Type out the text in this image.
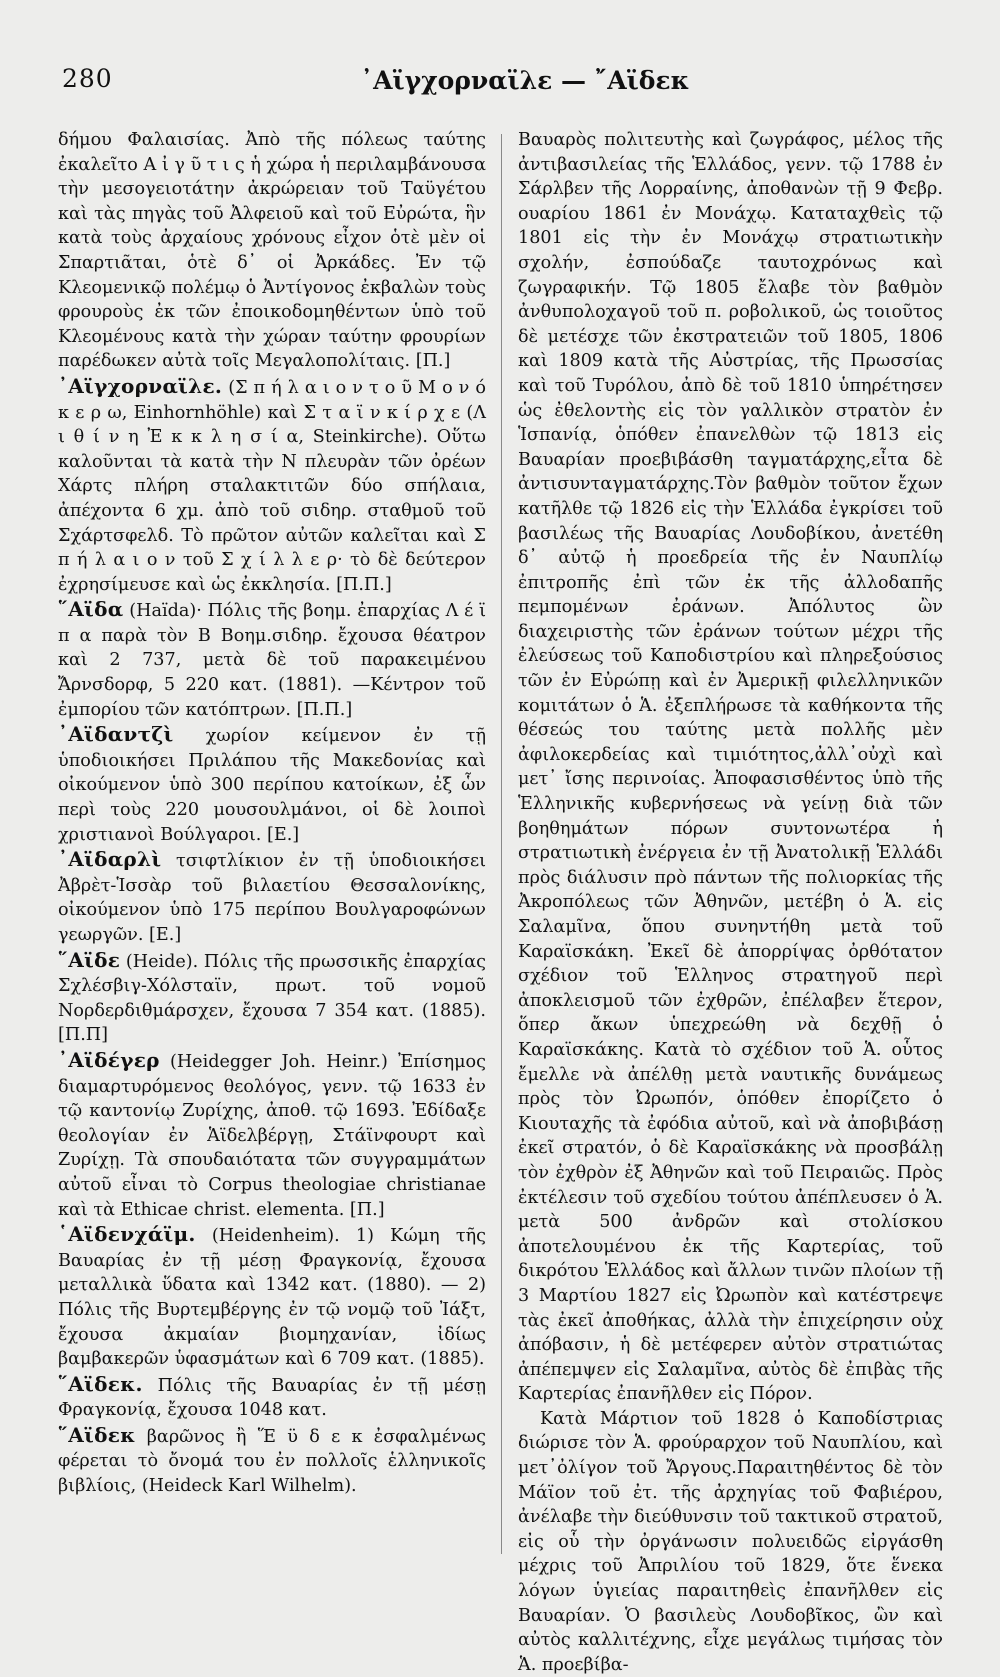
280	᾽Αϊγχορναϊλε — ῎Αϊδεκ

δήμου Φαλαισίας. Ἀπὸ τῆς πόλεως ταύτης ἐκαλεῖτο Α ἰ γ ῦ τ ι ς ἡ χώρα ἡ περιλαμβάνουσα τὴν μεσογειοτάτην ἀκρώρειαν τοῦ Ταϋγέτου καὶ τὰς πηγὰς τοῦ Ἀλφειοῦ καὶ τοῦ Εὐρώτα, ἣν κατὰ τοὺς ἀρχαίους χρόνους εἶχον ὁτὲ μὲν οἱ Σπαρτιᾶται, ὁτὲ δ᾽ οἱ Ἀρκάδες. Ἐν τῷ Κλεομενικῷ πολέμῳ ὁ Ἀντίγονος ἐκβαλὼν τοὺς φρουροὺς ἐκ τῶν ἐποικοδομηθέντων ὑπὸ τοῦ Κλεομένους κατὰ τὴν χώραν ταύτην φρουρίων παρέδωκεν αὐτὰ τοῖς Μεγαλοπολίταις. [Π.]

᾽Αϊγχορναϊλε. (Σ π ή λ α ι ο ν τ ο ῦ Μ ο ν ό κ ε ρ ω, Einhornhöhle) καὶ Σ τ α ϊ ν κ ί ρ χ ε (Λ ι θ ί ν η Ἐ κ κ λ η σ ί α, Steinkirche). Οὕτω καλοῦνται τὰ κατὰ τὴν Ν πλευρὰν τῶν ὀρέων Χάρτς πλήρη σταλακτιτῶν δύο σπήλαια, ἀπέχοντα 6 χμ. ἀπὸ τοῦ σιδηρ. σταθμοῦ τοῦ Σχάρτσφελδ. Τὸ πρῶτον αὐτῶν καλεῖται καὶ Σ π ή λ α ι ο ν τοῦ Σ χ ί λ λ ε ρ· τὸ δὲ δεύτερον ἐχρησίμευσε καὶ ὡς ἐκκλησία. [Π.Π.]

῞Αϊδα (Haïda)· Πόλις τῆς βοημ. ἐπαρχίας Λ έ ϊ π α παρὰ τὸν Β Βοημ.σιδηρ. ἔχουσα θέατρον καὶ 2 737, μετὰ δὲ τοῦ παρακειμένου Ἄρνσδορφ, 5 220 κατ. (1881). —Κέντρον τοῦ ἐμπορίου τῶν κατόπτρων. [Π.Π.]

᾽Αϊδαντζὶ χωρίον κείμενον ἐν τῇ ὑποδιοικήσει Πριλάπου τῆς Μακεδονίας καὶ οἰκούμενον ὑπὸ 300 περίπου κατοίκων, ἐξ ὧν περὶ τοὺς 220 μουσουλμάνοι, οἱ δὲ λοιποὶ χριστιανοὶ Βούλγαροι. [Ε.]

᾽Αϊδαρλὶ τσιφτλίκιον ἐν τῇ ὑποδιοικήσει Ἀβρὲτ-Ἱσσὰρ τοῦ βιλαετίου Θεσσαλονίκης, οἰκούμενον ὑπὸ 175 περίπου Βουλγαροφώνων γεωργῶν. [Ε.]

῞Αϊδε (Heide). Πόλις τῆς πρωσσικῆς ἐπαρχίας Σχλέσβιγ-Χόλσταϊν, πρωτ. τοῦ νομοῦ Νορδερδιθμάρσχεν, ἔχουσα 7 354 κατ. (1885). [Π.Π]

᾽Αϊδέγερ (Heidegger Joh. Heinr.) Ἐπίσημος διαμαρτυρόμενος θεολόγος, γενν. τῷ 1633 ἐν τῷ καντονίῳ Ζυρίχης, ἀποθ. τῷ 1693. Ἐδίδαξε θεολογίαν ἐν Ἁϊδελβέργῃ, Στάϊνφουρτ καὶ Ζυρίχῃ. Τὰ σπουδαιότατα τῶν συγγραμμάτων αὐτοῦ εἶναι τὸ Corpus theologiae christianae καὶ τὰ Ethicae christ. elementa. [Π.]

῾Αϊδενχάϊμ. (Heidenheim). 1) Κώμη τῆς Βαυαρίας ἐν τῇ μέσῃ Φραγκονίᾳ, ἔχουσα μεταλλικὰ ὕδατα καὶ 1342 κατ. (1880). — 2) Πόλις τῆς Βυρτεμβέργης ἐν τῷ νομῷ τοῦ Ἰάξτ, ἔχουσα ἀκμαίαν βιομηχανίαν, ἰδίως βαμβακερῶν ὑφασμάτων καὶ 6 709 κατ. (1885).

῞Αϊδεκ. Πόλις τῆς Βαυαρίας ἐν τῇ μέσῃ Φραγκονίᾳ, ἔχουσα 1048 κατ.

῞Αϊδεκ βαρῶνος ἢ Ἕ ϋ δ ε κ ἐσφαλμένως φέρεται τὸ ὄνομά του ἐν πολλοῖς ἑλληνικοῖς βιβλίοις, (Heideck Karl Wilhelm).

Βαυαρὸς πολιτευτὴς καὶ ζωγράφος, μέλος τῆς ἀντιβασιλείας τῆς Ἑλλάδος, γενν. τῷ 1788 ἐν Σάρλβεν τῆς Λορραίνης, ἀποθανὼν τῇ 9 Φεβρ. ουαρίου 1861 ἐν Μονάχῳ. Καταταχθεὶς τῷ 1801 εἰς τὴν ἐν Μονάχῳ στρατιωτικὴν σχολήν, ἐσπούδαζε ταυτοχρόνως καὶ ζωγραφικήν. Τῷ 1805 ἔλαβε τὸν βαθμὸν ἀνθυπολοχαγοῦ τοῦ π. ροβολικοῦ, ὡς τοιοῦτος δὲ μετέσχε τῶν ἐκστρατειῶν τοῦ 1805, 1806 καὶ 1809 κατὰ τῆς Αὐστρίας, τῆς Πρωσσίας καὶ τοῦ Τυρόλου, ἀπὸ δὲ τοῦ 1810 ὑπηρέτησεν ὡς ἐθελοντὴς εἰς τὸν γαλλικὸν στρατὸν ἐν Ἱσπανίᾳ, ὁπόθεν ἐπανελθὼν τῷ 1813 εἰς Βαυαρίαν προεβιβάσθη ταγματάρχης,εἶτα δὲ ἀντισυνταγματάρχης.Τὸν βαθμὸν τοῦτον ἔχων κατῆλθε τῷ 1826 εἰς τὴν Ἑλλάδα ἐγκρίσει τοῦ βασιλέως τῆς Βαυαρίας Λουδοβίκου, ἀνετέθη δ᾽ αὐτῷ ἡ προεδρεία τῆς ἐν Ναυπλίῳ ἐπιτροπῆς ἐπὶ τῶν ἐκ τῆς ἀλλοδαπῆς πεμπομένων ἐράνων. Ἀπόλυτος ὢν διαχειριστὴς τῶν ἐράνων τούτων μέχρι τῆς ἐλεύσεως τοῦ Καποδιστρίου καὶ πληρεξούσιος τῶν ἐν Εὐρώπῃ καὶ ἐν Ἀμερικῇ φιλελληνικῶν κομιτάτων ὁ Ἁ. ἐξεπλήρωσε τὰ καθήκοντα τῆς θέσεώς του ταύτης μετὰ πολλῆς μὲν ἀφιλοκερδείας καὶ τιμιότητος,ἀλλ᾽οὐχὶ καὶ μετ᾽ ἴσης περινοίας. Ἀποφασισθέντος ὑπὸ τῆς Ἑλληνικῆς κυβερνήσεως νὰ γείνῃ διὰ τῶν βοηθημάτων πόρων συντονωτέρα ἡ στρατιωτικὴ ἐνέργεια ἐν τῇ Ἀνατολικῇ Ἑλλάδι πρὸς διάλυσιν πρὸ πάντων τῆς πολιορκίας τῆς Ἀκροπόλεως τῶν Ἀθηνῶν, μετέβη ὁ Ἁ. εἰς Σαλαμῖνα, ὅπου συνηντήθη μετὰ τοῦ Καραϊσκάκη. Ἐκεῖ δὲ ἀπορρίψας ὀρθότατον σχέδιον τοῦ Ἑλληνος στρατηγοῦ περὶ ἀποκλεισμοῦ τῶν ἐχθρῶν, ἐπέλαβεν ἕτερον, ὅπερ ἄκων ὑπεχρεώθη νὰ δεχθῇ ὁ Καραϊσκάκης. Κατὰ τὸ σχέδιον τοῦ Ἁ. οὗτος ἔμελλε νὰ ἀπέλθῃ μετὰ ναυτικῆς δυνάμεως πρὸς τὸν Ὠρωπόν, ὁπόθεν ἐπορίζετο ὁ Κιουταχῆς τὰ ἐφόδια αὐτοῦ, καὶ νὰ ἀποβιβάσῃ ἐκεῖ στρατόν, ὁ δὲ Καραϊσκάκης νὰ προσβάλῃ τὸν ἐχθρὸν ἐξ Ἀθηνῶν καὶ τοῦ Πειραιῶς. Πρὸς ἐκτέλεσιν τοῦ σχεδίου τούτου ἀπέπλευσεν ὁ Ἁ. μετὰ 500 ἀνδρῶν καὶ στολίσκου ἀποτελουμένου ἐκ τῆς Καρτερίας, τοῦ δικρότου Ἑλλάδος καὶ ἄλλων τινῶν πλοίων τῇ 3 Μαρτίου 1827 εἰς Ὠρωπὸν καὶ κατέστρεψε τὰς ἐκεῖ ἀποθήκας, ἀλλὰ τὴν ἐπιχείρησιν οὐχ ἀπόβασιν, ἡ δὲ μετέφερεν αὐτὸν στρατιώτας ἀπέπεμψεν εἰς Σαλαμῖνα, αὐτὸς δὲ ἐπιβὰς τῆς Καρτερίας ἐπανῆλθεν εἰς Πόρον.

Κατὰ Μάρτιον τοῦ 1828 ὁ Καποδίστριας διώρισε τὸν Ἁ. φρούραρχον τοῦ Ναυπλίου, καὶ μετ᾽ὀλίγον τοῦ Ἄργους.Παραιτηθέντος δὲ τὸν Μάϊον τοῦ ἐτ. τῆς ἀρχηγίας τοῦ Φαβιέρου, ἀνέλαβε τὴν διεύθυνσιν τοῦ τακτικοῦ στρατοῦ, εἰς οὗ τὴν ὀργάνωσιν πολυειδῶς εἰργάσθη μέχρις τοῦ Ἀπριλίου τοῦ 1829, ὅτε ἕνεκα λόγων ὑγιείας παραιτηθεὶς ἐπανῆλθεν εἰς Βαυαρίαν. Ὁ βασιλεὺς Λουδοβῖκος, ὢν καὶ αὐτὸς καλλιτέχνης, εἶχε μεγάλως τιμήσας τὸν Ἁ. προεβίβα-
